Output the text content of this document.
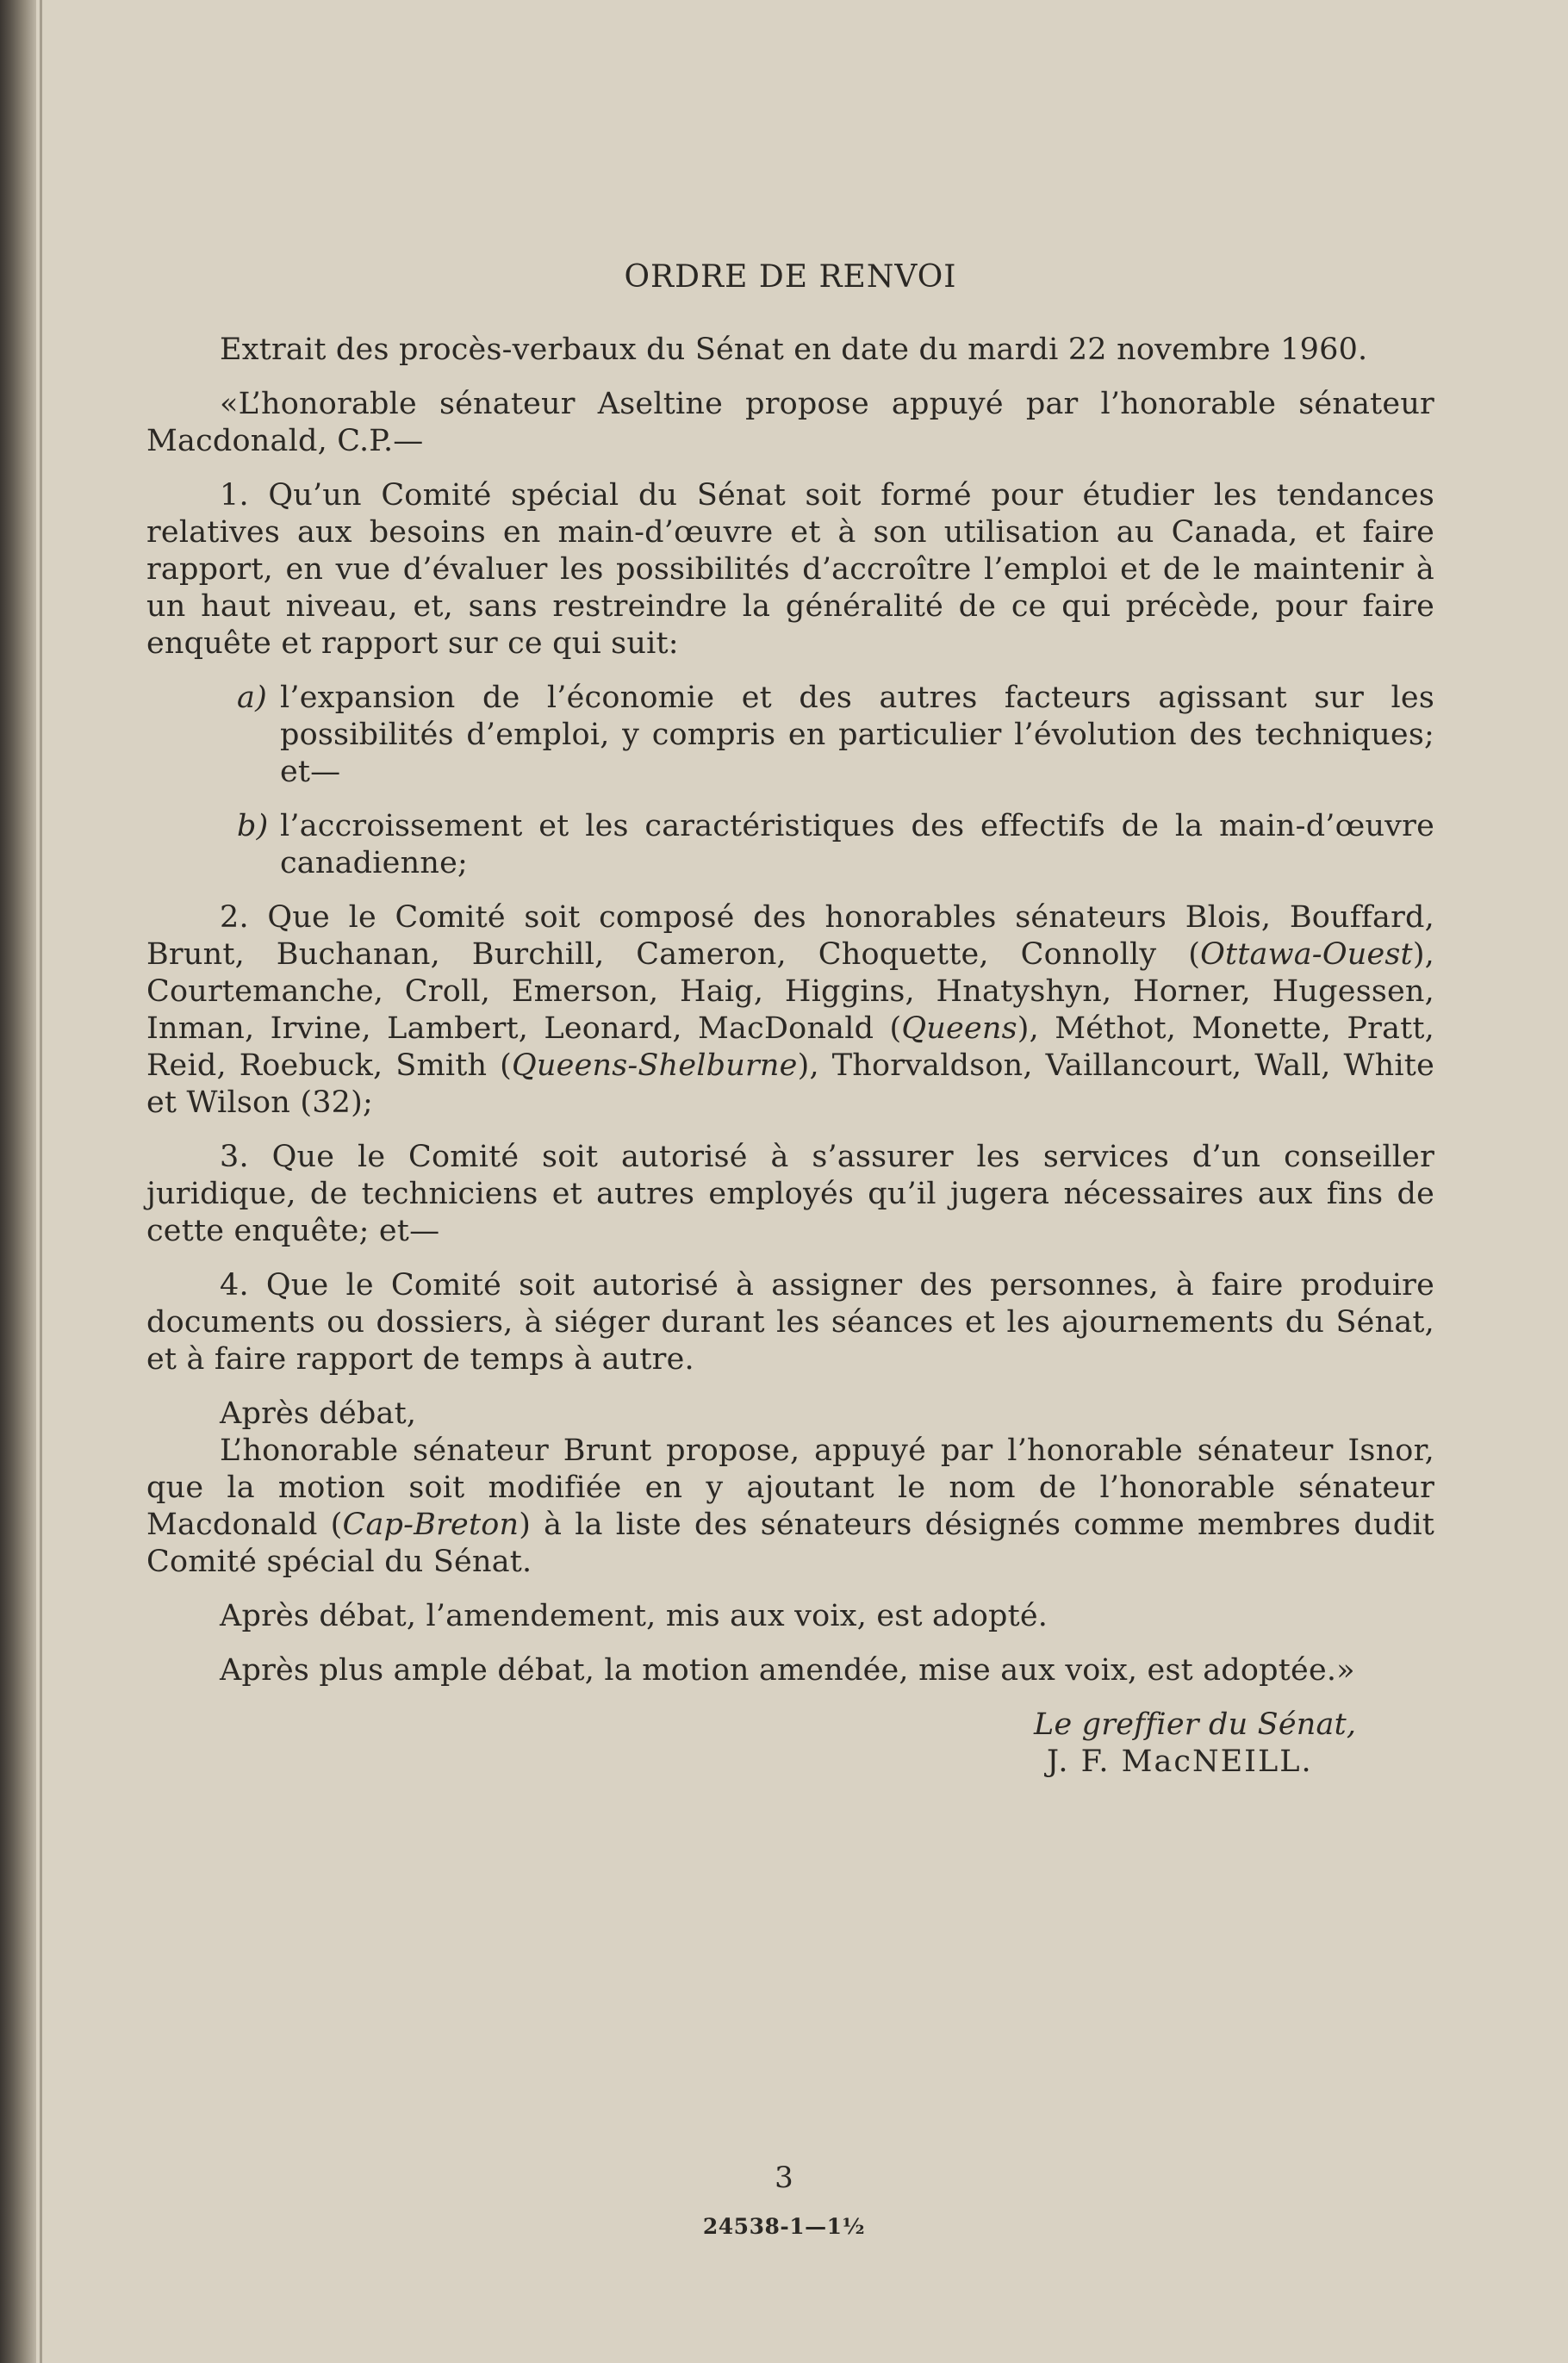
ORDRE DE RENVOI

Extrait des procès-verbaux du Sénat en date du mardi 22 novembre 1960.

«L’honorable sénateur Aseltine propose appuyé par l’honorable sénateur Macdonald, C.P.—

1. Qu’un Comité spécial du Sénat soit formé pour étudier les tendances relatives aux besoins en main-d’œuvre et à son utilisation au Canada, et faire rapport, en vue d’évaluer les possibilités d’accroître l’emploi et de le maintenir à un haut niveau, et, sans restreindre la généralité de ce qui précède, pour faire enquête et rapport sur ce qui suit:

a) l’expansion de l’économie et des autres facteurs agissant sur les possibilités d’emploi, y compris en particulier l’évolution des techniques; et—
b) l’accroissement et les caractéristiques des effectifs de la main-d’œuvre canadienne;

2. Que le Comité soit composé des honorables sénateurs Blois, Bouffard, Brunt, Buchanan, Burchill, Cameron, Choquette, Connolly (Ottawa-Ouest), Courtemanche, Croll, Emerson, Haig, Higgins, Hnatyshyn, Horner, Hugessen, Inman, Irvine, Lambert, Leonard, MacDonald (Queens), Méthot, Monette, Pratt, Reid, Roebuck, Smith (Queens-Shelburne), Thorvaldson, Vaillancourt, Wall, White et Wilson (32);

3. Que le Comité soit autorisé à s’assurer les services d’un conseiller juridique, de techniciens et autres employés qu’il jugera nécessaires aux fins de cette enquête; et—

4. Que le Comité soit autorisé à assigner des personnes, à faire produire documents ou dossiers, à siéger durant les séances et les ajournements du Sénat, et à faire rapport de temps à autre.

Après débat,

L’honorable sénateur Brunt propose, appuyé par l’honorable sénateur Isnor, que la motion soit modifiée en y ajoutant le nom de l’honorable sénateur Macdonald (Cap-Breton) à la liste des sénateurs désignés comme membres dudit Comité spécial du Sénat.

Après débat, l’amendement, mis aux voix, est adopté.

Après plus ample débat, la motion amendée, mise aux voix, est adoptée.»

Le greffier du Sénat,
J. F. MacNEILL.
3
24538-1—1½
